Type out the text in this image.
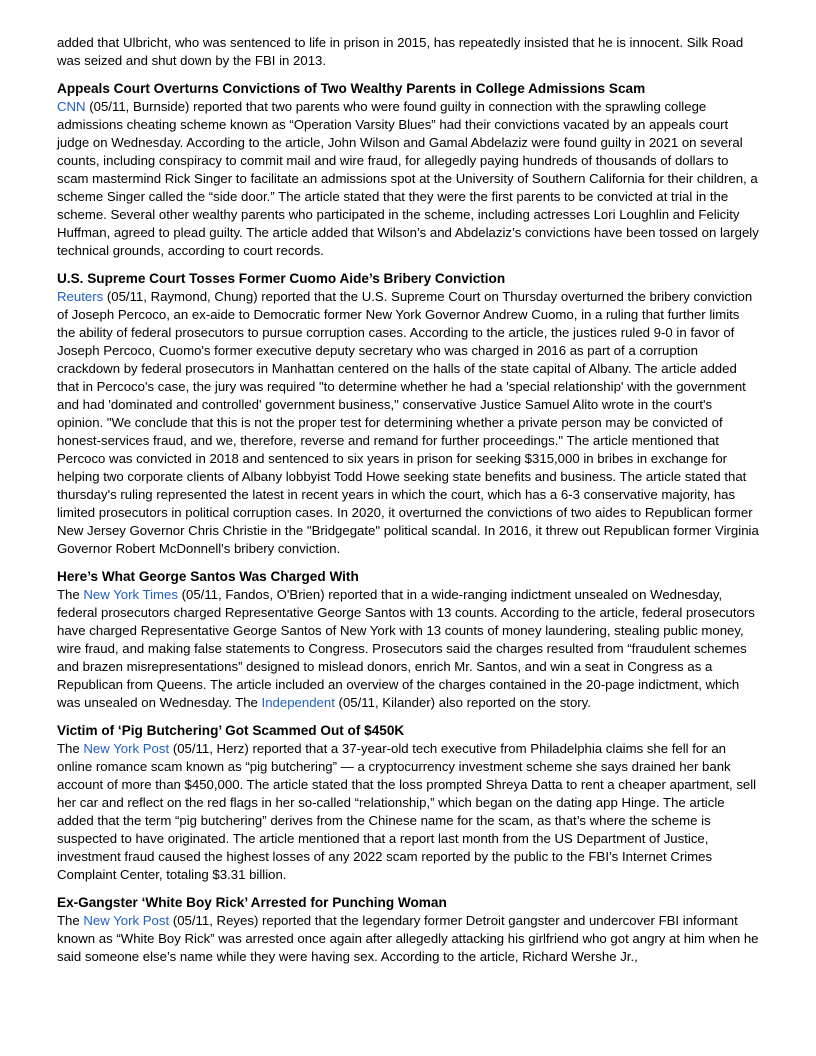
added that Ulbricht, who was sentenced to life in prison in 2015, has repeatedly insisted that he is innocent. Silk Road was seized and shut down by the FBI in 2013.

Appeals Court Overturns Convictions of Two Wealthy Parents in College Admissions Scam

CNN (05/11, Burnside) reported that two parents who were found guilty in connection with the sprawling college admissions cheating scheme known as “Operation Varsity Blues” had their convictions vacated by an appeals court judge on Wednesday. According to the article, John Wilson and Gamal Abdelaziz were found guilty in 2021 on several counts, including conspiracy to commit mail and wire fraud, for allegedly paying hundreds of thousands of dollars to scam mastermind Rick Singer to facilitate an admissions spot at the University of Southern California for their children, a scheme Singer called the “side door.” The article stated that they were the first parents to be convicted at trial in the scheme. Several other wealthy parents who participated in the scheme, including actresses Lori Loughlin and Felicity Huffman, agreed to plead guilty. The article added that Wilson’s and Abdelaziz’s convictions have been tossed on largely technical grounds, according to court records.

U.S. Supreme Court Tosses Former Cuomo Aide’s Bribery Conviction

Reuters (05/11, Raymond, Chung) reported that the U.S. Supreme Court on Thursday overturned the bribery conviction of Joseph Percoco, an ex-aide to Democratic former New York Governor Andrew Cuomo, in a ruling that further limits the ability of federal prosecutors to pursue corruption cases. According to the article, the justices ruled 9-0 in favor of Joseph Percoco, Cuomo's former executive deputy secretary who was charged in 2016 as part of a corruption crackdown by federal prosecutors in Manhattan centered on the halls of the state capital of Albany. The article added that in Percoco's case, the jury was required "to determine whether he had a 'special relationship' with the government and had 'dominated and controlled' government business," conservative Justice Samuel Alito wrote in the court's opinion. "We conclude that this is not the proper test for determining whether a private person may be convicted of honest-services fraud, and we, therefore, reverse and remand for further proceedings." The article mentioned that Percoco was convicted in 2018 and sentenced to six years in prison for seeking $315,000 in bribes in exchange for helping two corporate clients of Albany lobbyist Todd Howe seeking state benefits and business. The article stated that thursday's ruling represented the latest in recent years in which the court, which has a 6-3 conservative majority, has limited prosecutors in political corruption cases. In 2020, it overturned the convictions of two aides to Republican former New Jersey Governor Chris Christie in the "Bridgegate" political scandal. In 2016, it threw out Republican former Virginia Governor Robert McDonnell's bribery conviction.

Here’s What George Santos Was Charged With

The New York Times (05/11, Fandos, O'Brien) reported that in a wide-ranging indictment unsealed on Wednesday, federal prosecutors charged Representative George Santos with 13 counts. According to the article, federal prosecutors have charged Representative George Santos of New York with 13 counts of money laundering, stealing public money, wire fraud, and making false statements to Congress. Prosecutors said the charges resulted from “fraudulent schemes and brazen misrepresentations” designed to mislead donors, enrich Mr. Santos, and win a seat in Congress as a Republican from Queens. The article included an overview of the charges contained in the 20-page indictment, which was unsealed on Wednesday. The Independent (05/11, Kilander) also reported on the story.

Victim of ‘Pig Butchering’ Got Scammed Out of $450K

The New York Post (05/11, Herz) reported that a 37-year-old tech executive from Philadelphia claims she fell for an online romance scam known as “pig butchering” — a cryptocurrency investment scheme she says drained her bank account of more than $450,000. The article stated that the loss prompted Shreya Datta to rent a cheaper apartment, sell her car and reflect on the red flags in her so-called “relationship,” which began on the dating app Hinge. The article added that the term “pig butchering” derives from the Chinese name for the scam, as that’s where the scheme is suspected to have originated. The article mentioned that a report last month from the US Department of Justice, investment fraud caused the highest losses of any 2022 scam reported by the public to the FBI’s Internet Crimes Complaint Center, totaling $3.31 billion.

Ex-Gangster ‘White Boy Rick’ Arrested for Punching Woman

The New York Post (05/11, Reyes) reported that the legendary former Detroit gangster and undercover FBI informant known as “White Boy Rick” was arrested once again after allegedly attacking his girlfriend who got angry at him when he said someone else’s name while they were having sex. According to the article, Richard Wershe Jr.,
